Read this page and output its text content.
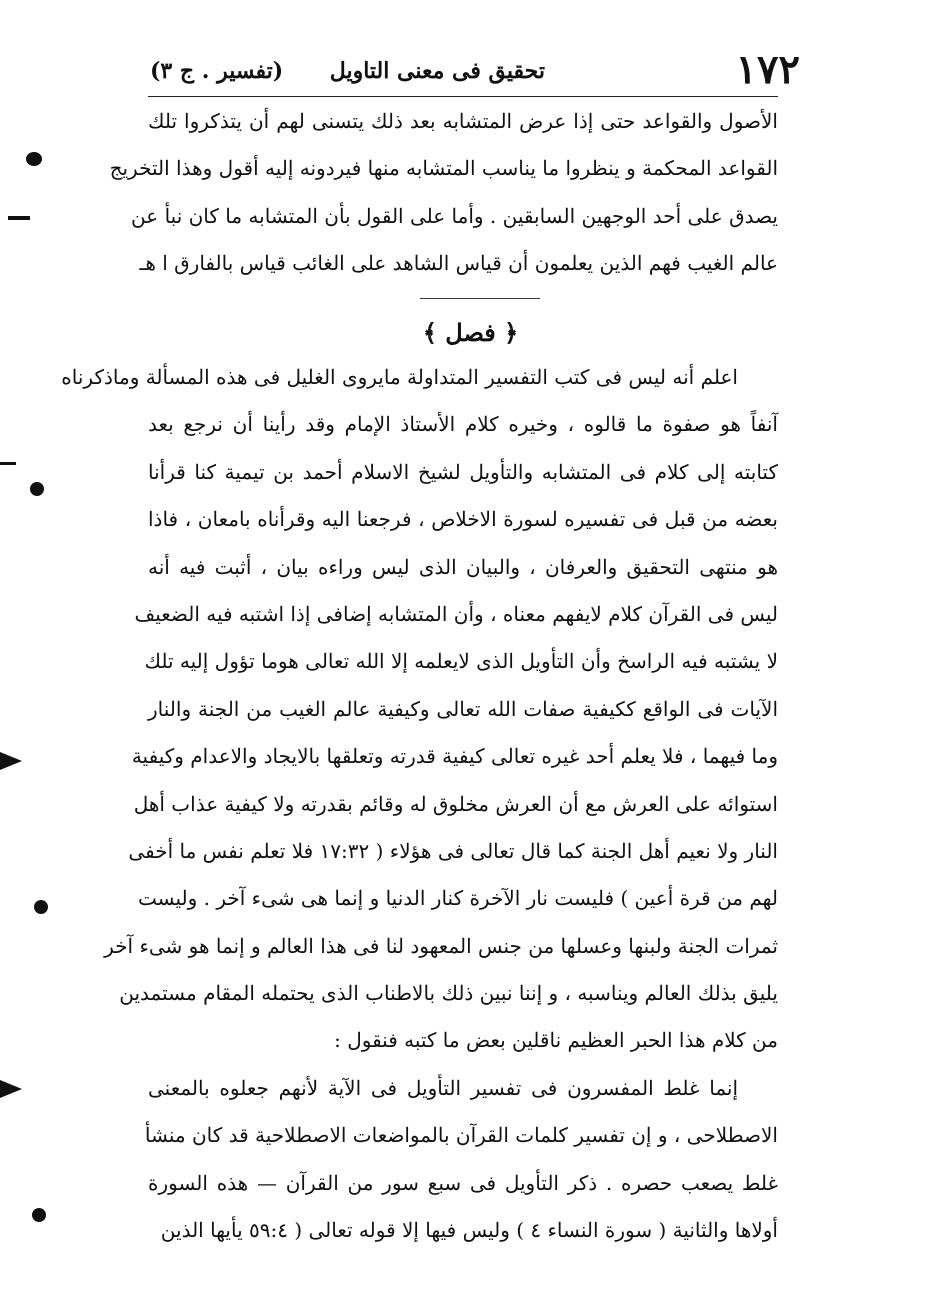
١٧٢
تحقيق فى معنى التاويل
(تفسير . ج ٣)
الأصول والقواعد حتى إذا عرض المتشابه بعد ذلك يتسنى لهم أن يتذكروا تلك
القواعد المحكمة و ينظروا ما يناسب المتشابه منها فيردونه إليه أقول وهذا التخريج
يصدق على أحد الوجهين السابقين . وأما على القول بأن المتشابه ما كان نبأ عن
عالم الغيب فهم الذين يعلمون أن قياس الشاهد على الغائب قياس بالفارق ا هـ
﴿ فصل ﴾
اعلم أنه ليس فى كتب التفسير المتداولة مايروى الغليل فى هذه المسألة وماذكرناه
آنفاً هو صفوة ما قالوه ، وخيره كلام الأستاذ الإمام وقد رأينا أن نرجع بعد
كتابته إلى كلام فى المتشابه والتأويل لشيخ الاسلام أحمد بن تيمية كنا قرأنا
بعضه من قبل فى تفسيره لسورة الاخلاص ، فرجعنا اليه وقرأناه بامعان ، فاذا
هو منتهى التحقيق والعرفان ، والبيان الذى ليس وراءه بيان ، أثبت فيه أنه
ليس فى القرآن كلام لايفهم معناه ، وأن المتشابه إضافى إذا اشتبه فيه الضعيف
لا يشتبه فيه الراسخ وأن التأويل الذى لايعلمه إلا الله تعالى هوما تؤول إليه تلك
الآيات فى الواقع ككيفية صفات الله تعالى وكيفية عالم الغيب من الجنة والنار
وما فيهما ، فلا يعلم أحد غيره تعالى كيفية قدرته وتعلقها بالايجاد والاعدام وكيفية
استوائه على العرش مع أن العرش مخلوق له وقائم بقدرته ولا كيفية عذاب أهل
النار ولا نعيم أهل الجنة كما قال تعالى فى هؤلاء ( ١٧:٣٢ فلا تعلم نفس ما أخفى
لهم من قرة أعين ) فليست نار الآخرة كنار الدنيا و إنما هى شىء آخر . وليست
ثمرات الجنة ولبنها وعسلها من جنس المعهود لنا فى هذا العالم و إنما هو شىء آخر
يليق بذلك العالم ويناسبه ، و إننا نبين ذلك بالاطناب الذى يحتمله المقام مستمدين
من كلام هذا الحبر العظيم ناقلين بعض ما كتبه فنقول :
إنما غلط المفسرون فى تفسير التأويل فى الآية لأنهم جعلوه بالمعنى
الاصطلاحى ، و إن تفسير كلمات القرآن بالمواضعات الاصطلاحية قد كان منشأ
غلط يصعب حصره . ذكر التأويل فى سبع سور من القرآن — هذه السورة
أولاها والثانية ( سورة النساء ٤ ) وليس فيها إلا قوله تعالى ( ٥٩:٤ يأيها الذين
